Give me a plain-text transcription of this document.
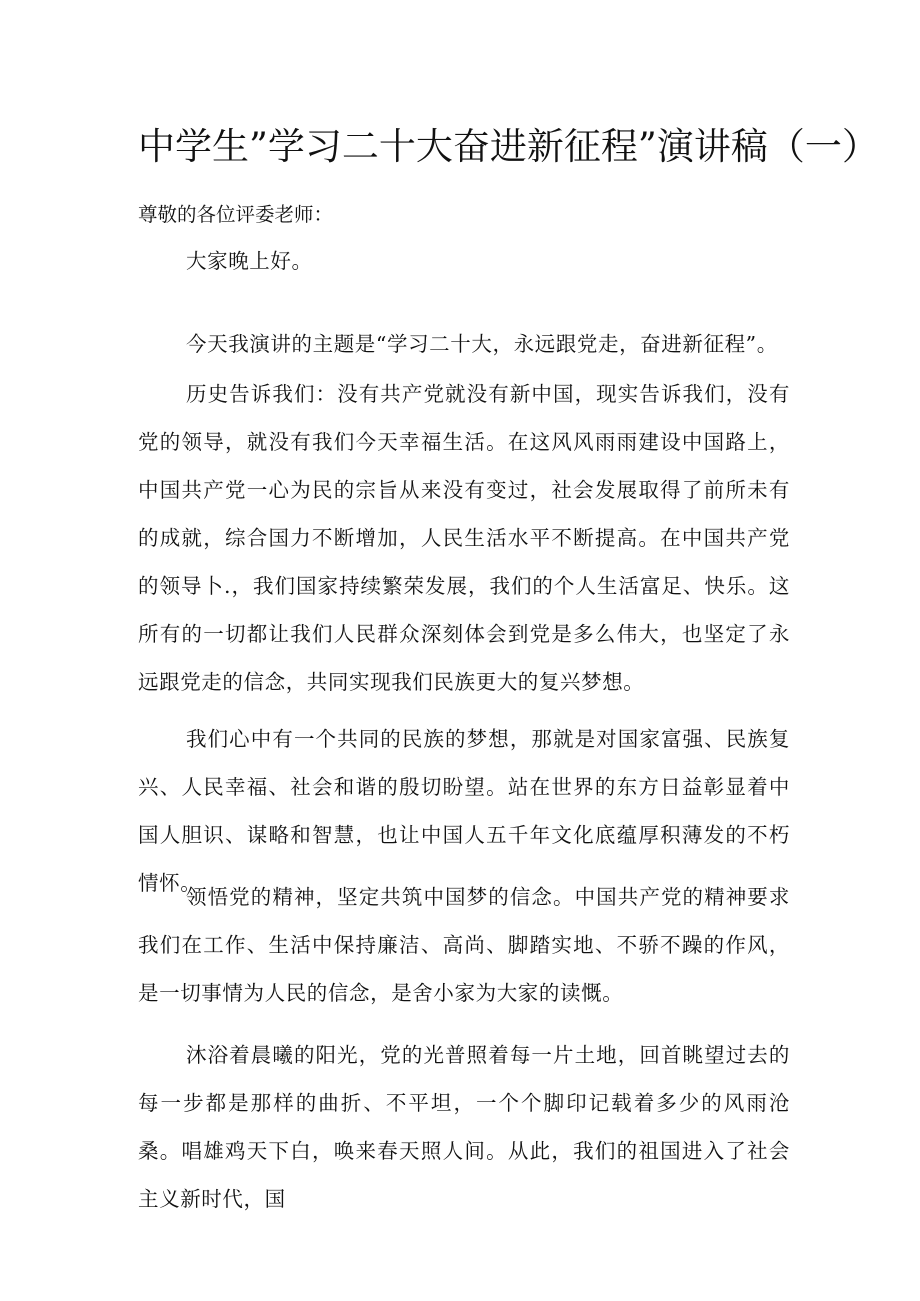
中学生”学习二十大奋进新征程”演讲稿（一）

尊敬的各位评委老师：

大家晚上好。

今天我演讲的主题是“学习二十大，永远跟党走，奋进新征程”。

历史告诉我们：没有共产党就没有新中国，现实告诉我们，没有党的领导，就没有我们今天幸福生活。在这风风雨雨建设中国路上，中国共产党一心为民的宗旨从来没有变过，社会发展取得了前所未有的成就，综合国力不断增加，人民生活水平不断提高。在中国共产党的领导卜.，我们国家持续繁荣发展，我们的个人生活富足、快乐。这所有的一切都让我们人民群众深刻体会到党是多么伟大，也坚定了永远跟党走的信念，共同实现我们民族更大的复兴梦想。

我们心中有一个共同的民族的梦想，那就是对国家富强、民族复兴、人民幸福、社会和谐的殷切盼望。站在世界的东方日益彰显着中国人胆识、谋略和智慧，也让中国人五千年文化底蕴厚积薄发的不朽情怀。

领悟党的精神，坚定共筑中国梦的信念。中国共产党的精神要求我们在工作、生活中保持廉洁、高尚、脚踏实地、不骄不躁的作风，是一切事情为人民的信念，是舍小家为大家的读慨。

沐浴着晨曦的阳光，党的光普照着每一片土地，回首眺望过去的每一步都是那样的曲折、不平坦，一个个脚印记载着多少的风雨沧桑。唱雄鸡天下白，唤来春天照人间。从此，我们的祖国进入了社会主义新时代，国
